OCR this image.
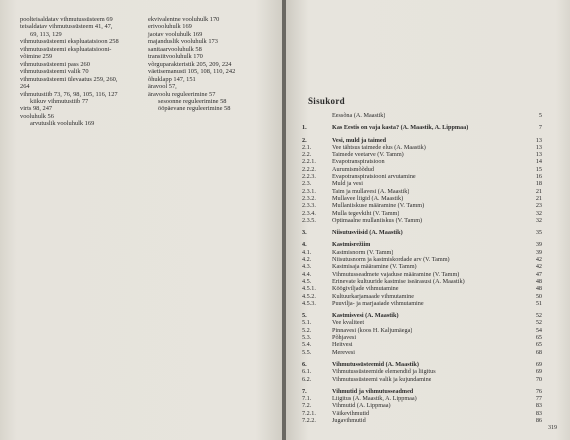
poolteisaldatav vihmutussüsteem 69
teisaldatav vihmutussüsteem 41, 47,
69, 113, 129
vihmutussüsteemi ekspluatatsioon 258
vihmutussüsteemi ekspluatatsiooni-
võimine 259
vihmutussüsteemi pass 260
vihmutussüsteemi valik 70
vihmutussüsteemi ülevaatus 259, 260,
264
vihmutustiib 73, 76, 98, 105, 116, 127
kiikuv vihmutustiib 77
virts 98, 247
vooluhulk 56
arvutuslik vooluhulk 169
ekvivalentne vooluhulk 170
erivooluhulk 169
jaotav vooluhulk 169
majanduslik vooluhulk 173
sanitaarvooluhulk 58
transiitvooluhulk 170
võrguparakteristik 205, 209, 224
väetisemanustī 105, 108, 110, 242
õhuklapp 147, 151
äravool 57,
äravoolu reguleerimine 57
sesoonne reguleerimine 58
ööpäevane reguleerimine 58
Sisukord
Eessõna (A. Maastik)	5
1.	Kas Eestis on vaja kasta? (A. Maastik, A. Lippmaa)	7
2.	Vesi, muld ja taimed	13
2.1.	Vee tähtsus taimede elus (A. Maastik)	13
2.2.	Taimede veetarve (V. Tamm)	13
2.2.1.	Evapotranspiratsioon	14
2.2.2.	Aurumismõõdud	15
2.2.3.	Evapotranspiratsiooni arvutamine	16
2.3.	Muld ja vesi	18
2.3.1.	Taim ja mullavesi (A. Maastik)	21
2.3.2.	Mullavee liigid (A. Maastik)	21
2.3.3.	Mullaniiskuse määramine (V. Tamm)	23
2.3.4.	Mulla tegevkiht (V. Tamm)	32
2.3.5.	Optimaalne mullaniiskus (V. Tamm)	32
3.	Niisutusviisid (A. Maastik)	35
4.	Kastmisrežiim	39
4.1.	Kastmisnorm (V. Tamm)	39
4.2.	Niisutusnorm ja kastmiskordade arv (V. Tamm)	42
4.3.	Kastmisaja määramine (V. Tamm)	42
4.4.	Vihmutusseadmete vajaduse määramine (V. Tamm)	47
4.5.	Erinevate kultuuride kastmise iseärasusi (A. Maastik)	48
4.5.1.	Köögiviljade vihmutamine	48
4.5.2.	Kultuurkarjamaade vihmutamine	50
4.5.3.	Puuvilja- ja marjaaiade vihmutamine	51
5.	Kastmisvesi (A. Maastik)	52
5.1.	Vee kvaliteet	52
5.2.	Pinnavesi (koos H. Kaljumäega)	54
5.3.	Põhjavesi	65
5.4.	Heitvesi	65
5.5.	Merevesi	68
6.	Vihmutussüsteemid (A. Maastik)	69
6.1.	Vihmutussüsteemide elemendid ja liigitus	69
6.2.	Vihmutussüsteemi valik ja kujundamine	70
7.	Vihmutid ja vihmutusseadmed	76
7.1.	Liigitus (A. Maastik, A. Lippmaa)	77
7.2.	Vihmutid (A. Lippmaa)	83
7.2.1.	Väikevihmutid	83
7.2.2.	Jugavihmutid	86
319
